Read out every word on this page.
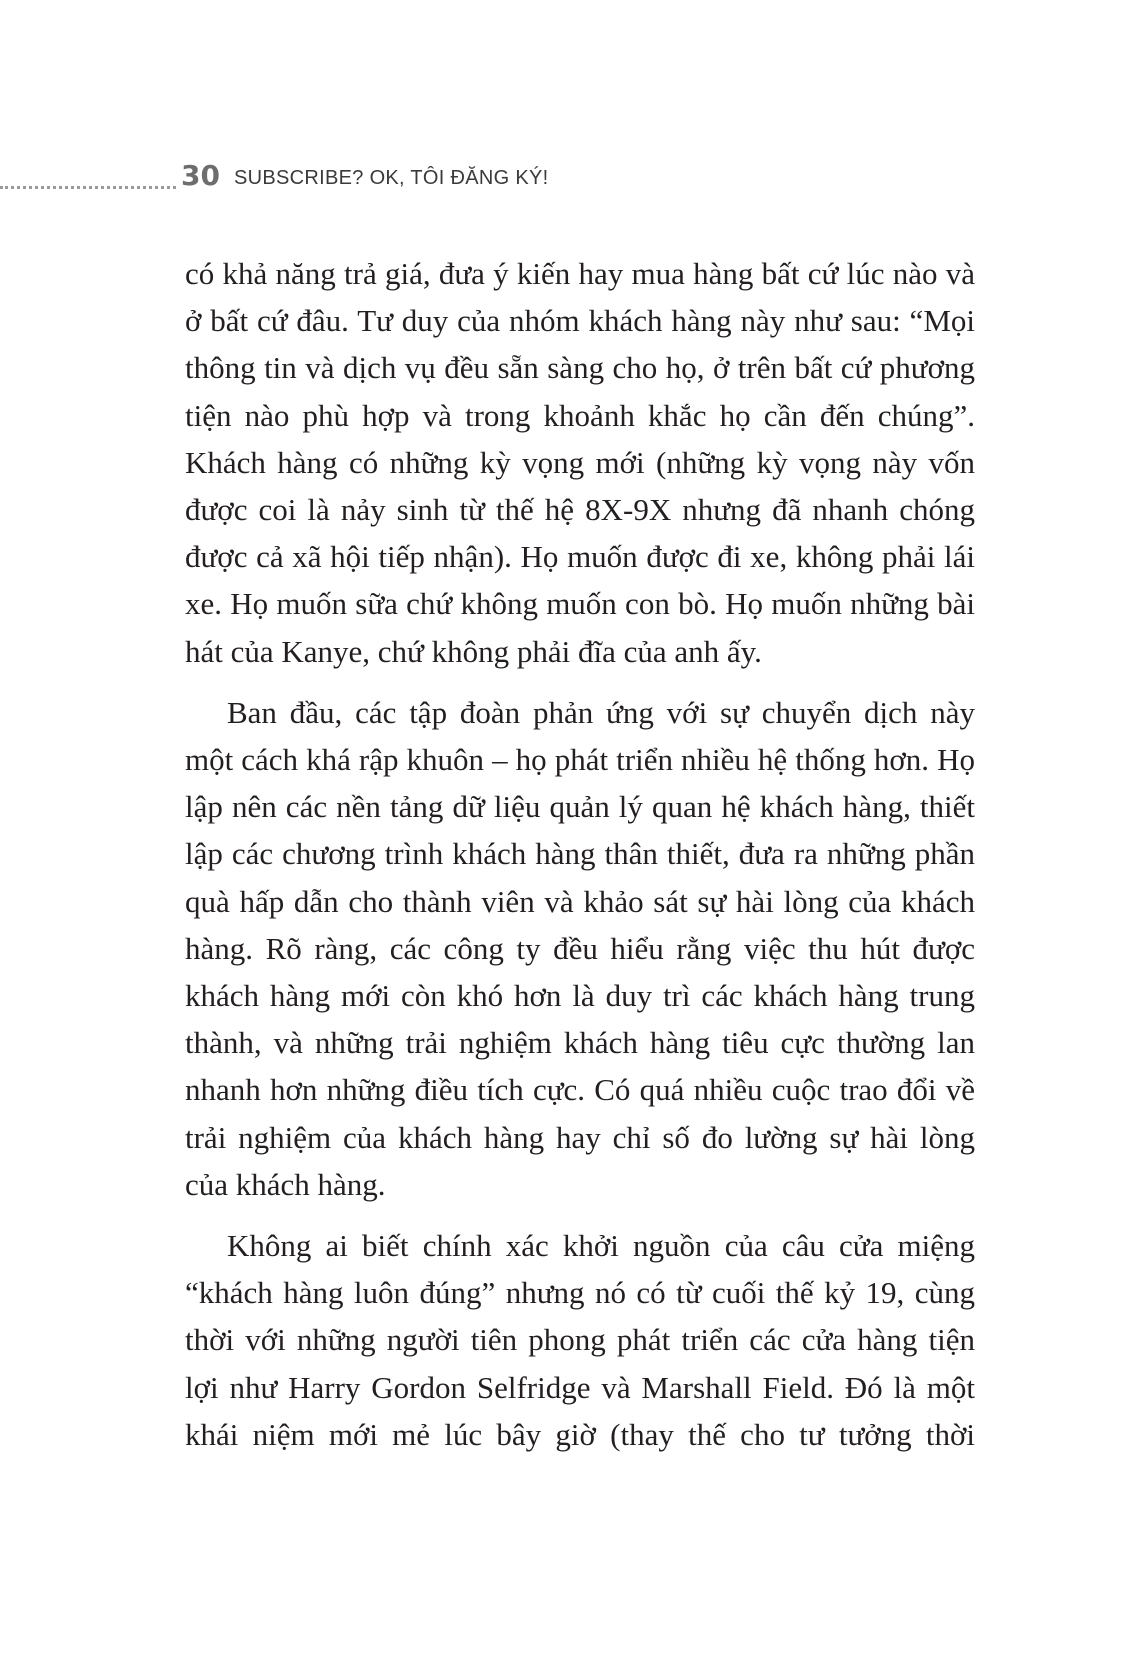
30 SUBSCRIBE? OK, TÔI ĐĂNG KÝ!

có khả năng trả giá, đưa ý kiến hay mua hàng bất cứ lúc nào và ở bất cứ đâu. Tư duy của nhóm khách hàng này như sau: “Mọi thông tin và dịch vụ đều sẵn sàng cho họ, ở trên bất cứ phương tiện nào phù hợp và trong khoảnh khắc họ cần đến chúng”. Khách hàng có những kỳ vọng mới (những kỳ vọng này vốn được coi là nảy sinh từ thế hệ 8X-9X nhưng đã nhanh chóng được cả xã hội tiếp nhận). Họ muốn được đi xe, không phải lái xe. Họ muốn sữa chứ không muốn con bò. Họ muốn những bài hát của Kanye, chứ không phải đĩa của anh ấy.

Ban đầu, các tập đoàn phản ứng với sự chuyển dịch này một cách khá rập khuôn – họ phát triển nhiều hệ thống hơn. Họ lập nên các nền tảng dữ liệu quản lý quan hệ khách hàng, thiết lập các chương trình khách hàng thân thiết, đưa ra những phần quà hấp dẫn cho thành viên và khảo sát sự hài lòng của khách hàng. Rõ ràng, các công ty đều hiểu rằng việc thu hút được khách hàng mới còn khó hơn là duy trì các khách hàng trung thành, và những trải nghiệm khách hàng tiêu cực thường lan nhanh hơn những điều tích cực. Có quá nhiều cuộc trao đổi về trải nghiệm của khách hàng hay chỉ số đo lường sự hài lòng của khách hàng.

Không ai biết chính xác khởi nguồn của câu cửa miệng “khách hàng luôn đúng” nhưng nó có từ cuối thế kỷ 19, cùng thời với những người tiên phong phát triển các cửa hàng tiện lợi như Harry Gordon Selfridge và Marshall Field. Đó là một khái niệm mới mẻ lúc bây giờ (thay thế cho tư tưởng thời
